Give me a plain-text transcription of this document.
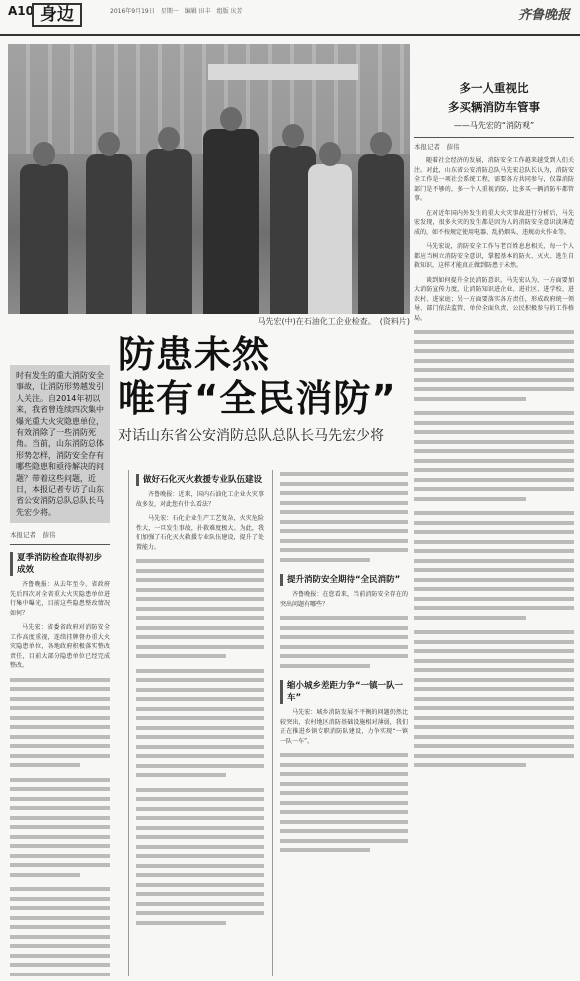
A10 身边	2016年9月19日　星期一　编辑 田丰　组版 庆芳	齐鲁晚报
马先宏(中)在石油化工企业检查。　(资料片)
多一人重视比
多买辆消防车管事
——马先宏的“消防观”
本报记者　薛伟

随着社会经济的发展，消防安全工作越来越受到人们关注。对此，山东省公安消防总队马先宏总队长认为，消防安全工作是一项社会系统工程，需要各方共同参与，仅靠消防部门是不够的，多一个人重视消防，比多买一辆消防车都管事。

在对近年国内外发生的重大火灾事故进行分析后，马先宏发现，很多火灾的发生都是因为人的消防安全意识淡薄造成的，如不按规定使用电器、乱扔烟头、违规动火作业等。

马先宏说，消防安全工作与老百姓息息相关，每一个人都应当树立消防安全意识，掌握基本的防火、灭火、逃生自救知识，这样才能真正做到防患于未然。

谈到如何提升全民消防意识，马先宏认为，一方面要加大消防宣传力度，让消防知识进企业、进社区、进学校、进农村、进家庭；另一方面要落实各方责任，形成政府统一领导、部门依法监管、单位全面负责、公民积极参与的工作格局。

防患未然
唯有“全民消防”
对话山东省公安消防总队总队长马先宏少将
时有发生的重大消防安全事故，让消防形势越发引人关注。自2014年初以来，我省曾连续四次集中爆光重大火灾隐患单位，有效消除了一些消防死角。当前，山东消防总体形势怎样，消防安全存有哪些隐患和亟待解决的问题？带着这些问题，近日，本报记者专访了山东省公安消防总队总队长马先宏少将。
本报记者　薛伟
夏季消防检查取得初步成效

齐鲁晚报：从去年至今，省政府先后四次对全省重大火灾隐患单位进行集中曝光，目前这些隐患整改情况如何？

马先宏：省委省政府对消防安全工作高度重视，连续挂牌督办重大火灾隐患单位，各地政府积极落实整改责任，目前大部分隐患单位已经完成整改。

做好石化灭火救援专业队伍建设

齐鲁晚报：近来，国内石油化工企业火灾事故多发，对此您有什么看法？

马先宏：石化企业生产工艺复杂，火灾危险性大，一旦发生事故，扑救难度极大。为此，我们加强了石化灭火救援专业队伍建设，提升了处置能力。

提升消防安全期待“全民消防”

齐鲁晚报：在您看来，当前消防安全存在的突出问题有哪些？

缩小城乡差距力争“一镇一队一车”

马先宏：城乡消防发展不平衡的问题仍然比较突出，农村地区消防基础设施相对薄弱，我们正在推进乡镇专职消防队建设，力争实现“一镇一队一车”。
